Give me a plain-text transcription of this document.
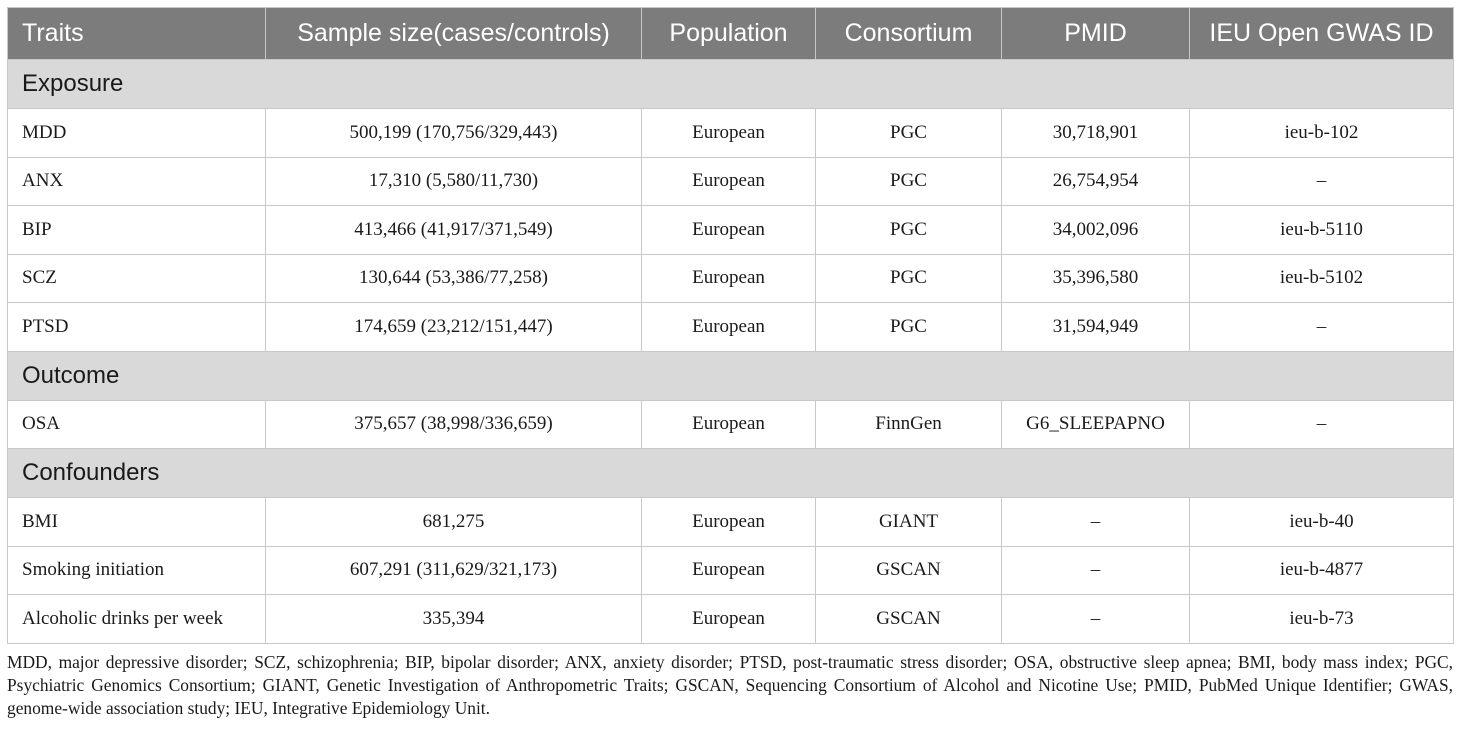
Traits	Sample size(cases/controls)	Population	Consortium	PMID	IEU Open GWAS ID
Exposure					
MDD	500,199 (170,756/329,443)	European	PGC	30,718,901	ieu-b-102
ANX	17,310 (5,580/11,730)	European	PGC	26,754,954	–
BIP	413,466 (41,917/371,549)	European	PGC	34,002,096	ieu-b-5110
SCZ	130,644 (53,386/77,258)	European	PGC	35,396,580	ieu-b-5102
PTSD	174,659 (23,212/151,447)	European	PGC	31,594,949	–
Outcome					
OSA	375,657 (38,998/336,659)	European	FinnGen	G6_SLEEPAPNO	–
Confounders					
BMI	681,275	European	GIANT	–	ieu-b-40
Smoking initiation	607,291 (311,629/321,173)	European	GSCAN	–	ieu-b-4877
Alcoholic drinks per week	335,394	European	GSCAN	–	ieu-b-73

MDD, major depressive disorder; SCZ, schizophrenia; BIP, bipolar disorder; ANX, anxiety disorder; PTSD, post-traumatic stress disorder; OSA, obstructive sleep apnea; BMI, body mass index; PGC, Psychiatric Genomics Consortium; GIANT, Genetic Investigation of Anthropometric Traits; GSCAN, Sequencing Consortium of Alcohol and Nicotine Use; PMID, PubMed Unique Identifier; GWAS, genome-wide association study; IEU, Integrative Epidemiology Unit.
